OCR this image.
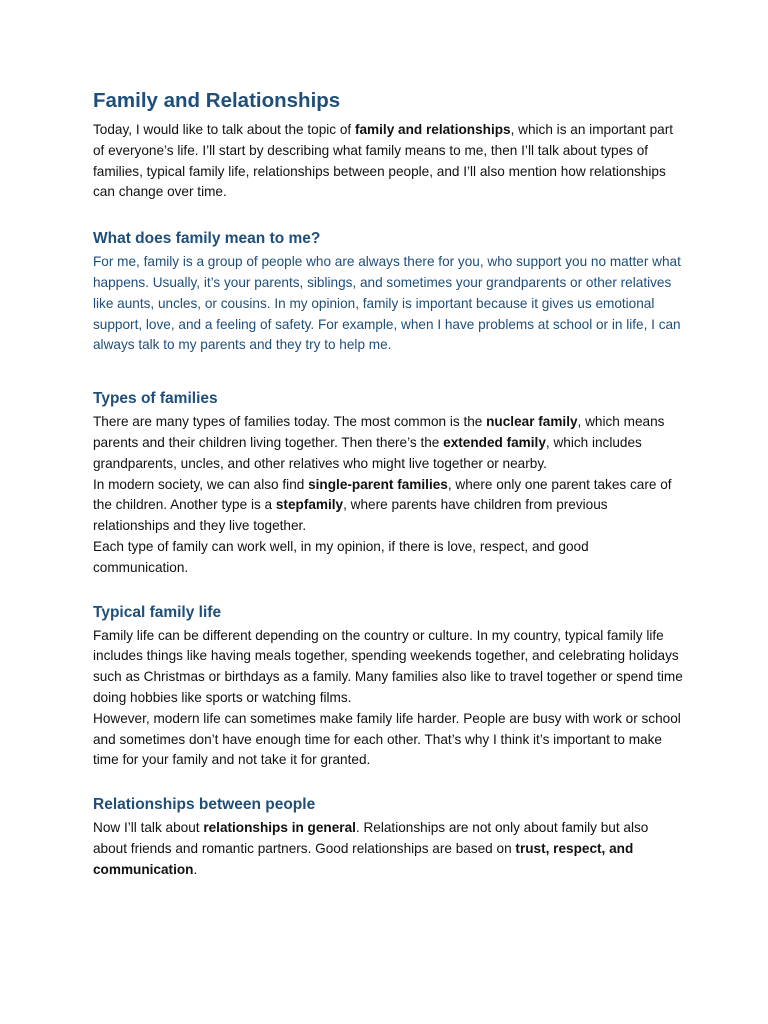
Family and Relationships

Today, I would like to talk about the topic of family and relationships, which is an important part of everyone’s life. I’ll start by describing what family means to me, then I’ll talk about types of families, typical family life, relationships between people, and I’ll also mention how relationships can change over time.

What does family mean to me?

For me, family is a group of people who are always there for you, who support you no matter what happens. Usually, it’s your parents, siblings, and sometimes your grandparents or other relatives like aunts, uncles, or cousins. In my opinion, family is important because it gives us emotional support, love, and a feeling of safety. For example, when I have problems at school or in life, I can always talk to my parents and they try to help me.

Types of families

There are many types of families today. The most common is the nuclear family, which means parents and their children living together. Then there’s the extended family, which includes grandparents, uncles, and other relatives who might live together or nearby.

In modern society, we can also find single-parent families, where only one parent takes care of the children. Another type is a stepfamily, where parents have children from previous relationships and they live together.

Each type of family can work well, in my opinion, if there is love, respect, and good communication.

Typical family life

Family life can be different depending on the country or culture. In my country, typical family life includes things like having meals together, spending weekends together, and celebrating holidays such as Christmas or birthdays as a family. Many families also like to travel together or spend time doing hobbies like sports or watching films.

However, modern life can sometimes make family life harder. People are busy with work or school and sometimes don’t have enough time for each other. That’s why I think it’s important to make time for your family and not take it for granted.

Relationships between people

Now I’ll talk about relationships in general. Relationships are not only about family but also about friends and romantic partners. Good relationships are based on trust, respect, and communication.
